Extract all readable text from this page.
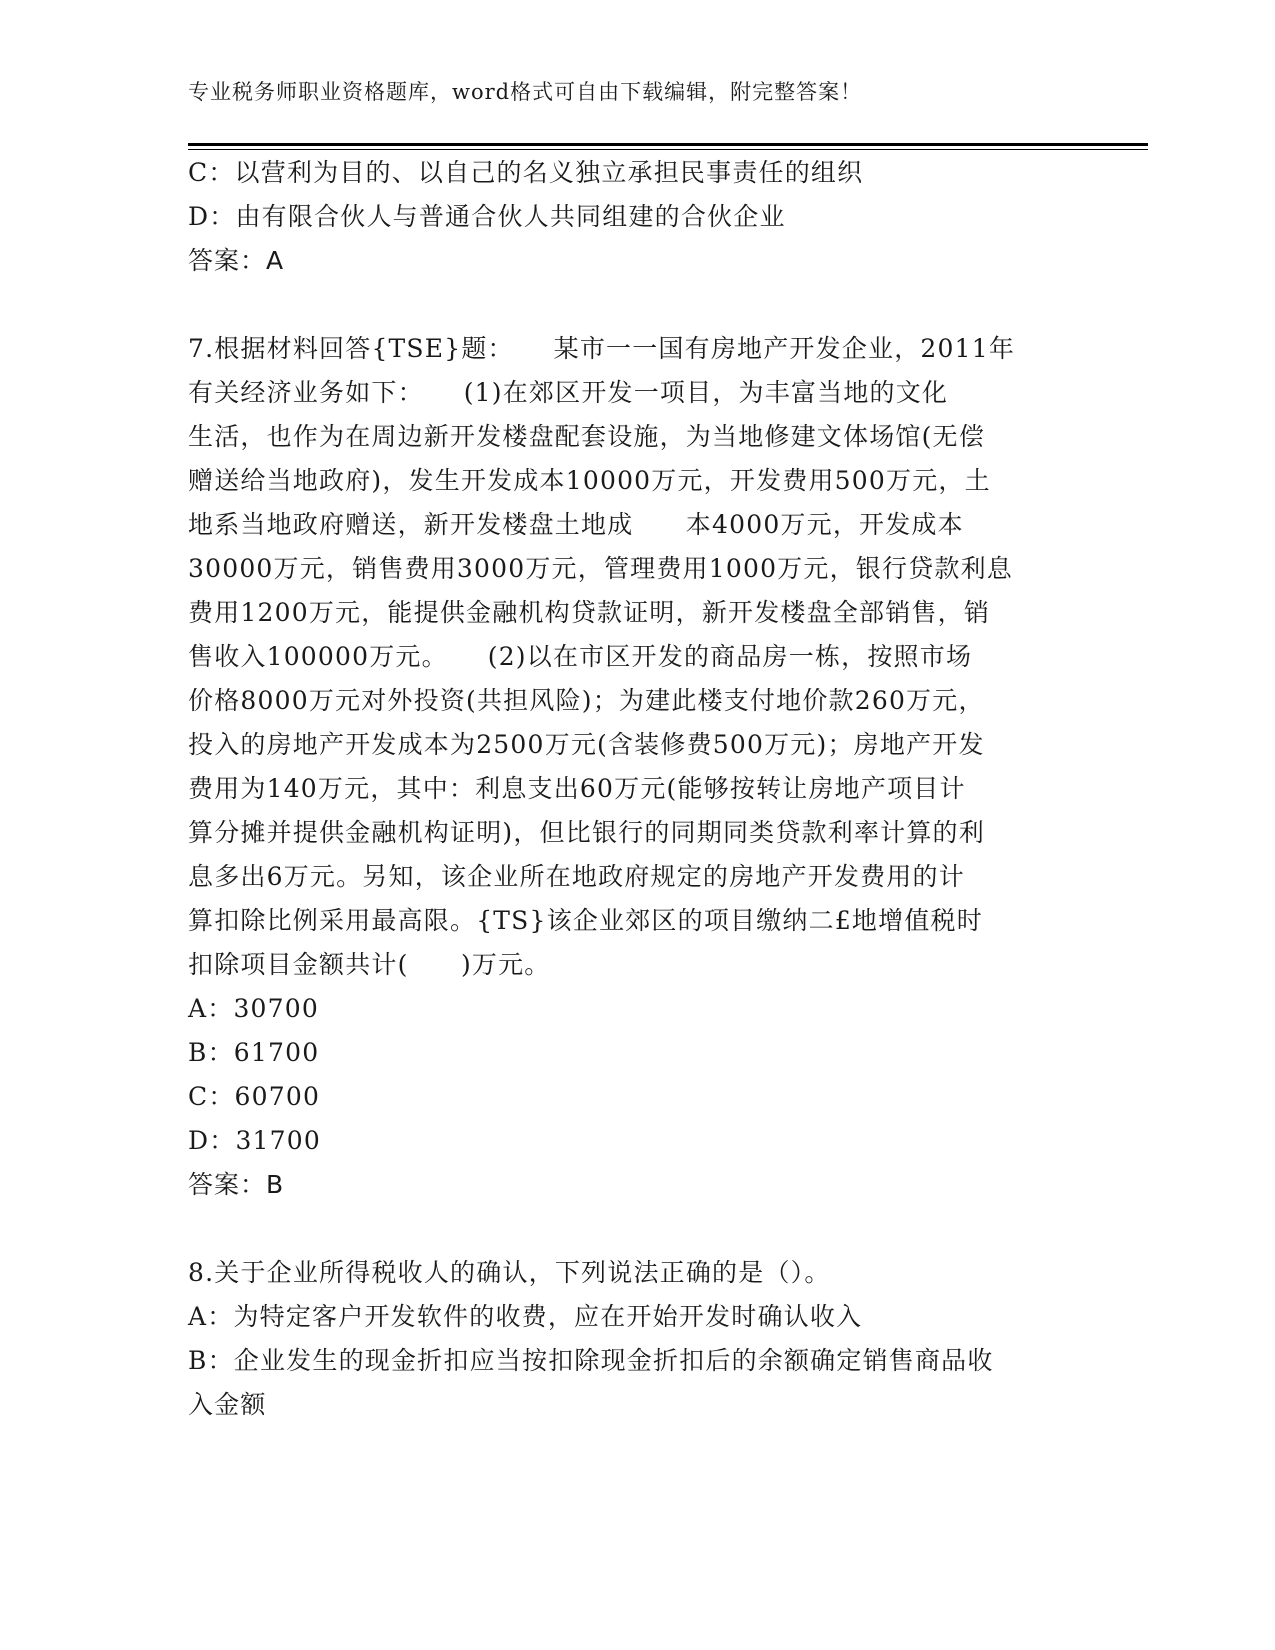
专业税务师职业资格题库，word格式可自由下载编辑，附完整答案！
C：以营利为目的、以自己的名义独立承担民事责任的组织
D：由有限合伙人与普通合伙人共同组建的合伙企业
答案：A
7.根据材料回答{TSE}题：　　某市一一国有房地产开发企业，2011年
有关经济业务如下：　　(1)在郊区开发一项目，为丰富当地的文化
生活，也作为在周边新开发楼盘配套设施，为当地修建文体场馆(无偿
赠送给当地政府)，发生开发成本10000万元，开发费用500万元，土
地系当地政府赠送，新开发楼盘土地成　　本4000万元，开发成本
30000万元，销售费用3000万元，管理费用1000万元，银行贷款利息
费用1200万元，能提供金融机构贷款证明，新开发楼盘全部销售，销
售收入100000万元。　　(2)以在市区开发的商品房一栋，按照市场
价格8000万元对外投资(共担风险)；为建此楼支付地价款260万元，
投入的房地产开发成本为2500万元(含装修费500万元)；房地产开发
费用为140万元，其中：利息支出60万元(能够按转让房地产项目计
算分摊并提供金融机构证明)，但比银行的同期同类贷款利率计算的利
息多出6万元。另知，该企业所在地政府规定的房地产开发费用的计
算扣除比例采用最高限。{TS}该企业郊区的项目缴纳二£地增值税时
扣除项目金额共计(　　)万元。
A：30700
B：61700
C：60700
D：31700
答案：B
8.关于企业所得税收人的确认，下列说法正确的是（）。
A：为特定客户开发软件的收费，应在开始开发时确认收入
B：企业发生的现金折扣应当按扣除现金折扣后的余额确定销售商品收
入金额
